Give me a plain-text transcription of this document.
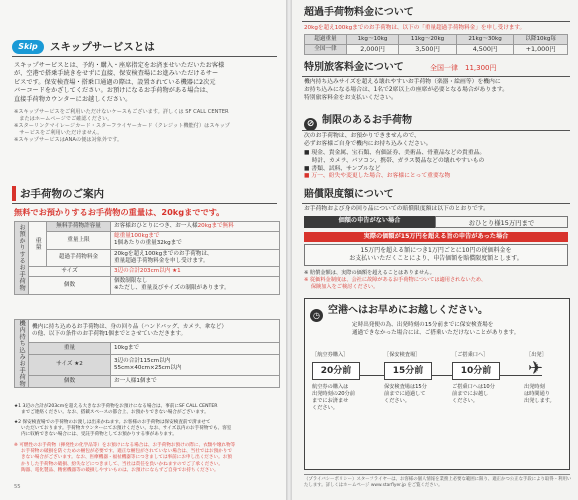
Skip	スキップサービスとは
スキップサービスとは、予約・購入・座席指定をお済ませいただいたお客様
が、空港で搭乗手続きをせずに直接、保安検査場にお進みいただけるサー
ビスです。保安検査場・搭乗口通過の際は、設置されている機器に2次元
バーコードをかざしてください。お預けになるお手荷物がある場合は、
直接手荷物カウンターにお越しください。
※スキップサービスをご利用いただけないケースもございます。詳しくは SF CALL CENTER
　またはホームページでご確認ください。
※スターリンクマイレージカード・スターフライヤーカード（クレジット機能付）はスキップ
　サービスをご利用いただけません。
※スキップサービスはANAの便は対象外です。
お手荷物のご案内
無料でお預かりするお手荷物の重量は、20kgまでです。
お預かりするお手荷物	重量	無料手荷物許容量	お客様おひとりにつき、お一人様20kgまで無料
		重量上限	総重量100kgまで
1個あたりの重量32kgまで
		超過手荷物料金	20kgを超え100kgまでのお手荷物は、
重量超過手荷物料金を申し受けます。
	サイズ		3辺の合計203cm以内 ★1
	個数		個数制限なし
※ただし、重量及びサイズの制限があります。
機内持ち込みお手荷物	機内に持ち込めるお手荷物は、身の回り品（ハンドバッグ、カメラ、傘など）
の他、以下の条件のお手荷物1個までとさせていただきます。	

	重量	10kgまで
	サイズ ★2	3辺の合計115cm以内
55cm×40cm×25cm以内
	個数	お一人様1個まで
★1 3辺の合計が203cmを超える大きなお手荷物をお預けになる場合は、事前にSF CALL CENTER
までご連絡ください。なお、搭載スペースの都合上、お預かりできない場合がございます。
★2 保安検査場での手荷物のお渡しは出来かねます。お客様のお手荷物は保安検査前で済ませて
いただいております。手荷物カウンターにてお預けください。なお、サイズ以内のお手荷物でも、客室
内に収納できない場合には、受託手荷物としてお預かりする事があります。
※ 可燃性のお手荷物（揮発性の化学品等）をお預けになる場合は、お手荷物お預けの際に、衣類や壊れ物等
お手荷物の破損を防ぐための梱包が必要です。適正な梱包がされていない場合は、当社ではお預かりで
きない場合がございます。なお、医療機器・福祉機器等につきましては事前にお申し出ください。お預
かりした手荷物の破損、紛失などにつきまして、当社は責任を負いかねますのでご了承ください。
陶器、電化製品、精密機器等の破損しやすいものは、お預けにならずご自身でお持ちください。
55
超過手荷物料金について
20kgを超え100kgまでのお手荷物は、以下の「重量超過手荷物料金」を申し受けます。
超過重量	1kg〜10kg	11kg〜20kg	21kg〜30kg	以降10kg毎
全国一律	2,000円	3,500円	4,500円	+1,000円
特別旅客料金について	全国一律　11,300円
機内持ち込みサイズを超える壊れやすいお手荷物（楽器・絵画等）を機内に
お持ち込みになる場合は、1名で2席以上の座席が必要となる場合があります。
特別旅客料金をお支払いください。
⊘ 制限のあるお手荷物
次のお手荷物は、お預かりできませんので、
必ずお客様ご自身で機内にお持ち込みください。
■ 現金、貴金属、宝石類、有価証券、美術品、骨董品などの貴重品。
　 時計、カメラ、パソコン、携帯、ガラス製品などの壊れやすいもの
■ 書類、試料、サンプルなど
■ 万一、紛失や変更した場合、お客様にとって重要な物
賠償限度額について
お手荷物および身の回り品についての賠償限度額は以下のとおりです。
価額の申告がない場合	おひとり様15万円まで
実際の価額が15万円を超える旨の申告があった場合
15万円を超える額につき1万円ごとに10円の従価料金を
お支払いいただくことにより、申告価額を賠償限度額とします。
※ 賠償金額は、実際の価額を超えることはありません。
※ 従価料金制度は、会社に故障があるお手荷物については適用されないため、
　 保険加入をご検討ください。
◷ 空港へはお早めにお越しください。
定時出発便の為、出発時刻の15分前までに保安検査場を
通過できなかった場合には、ご搭乗いただけないことがあります。
［航空券購入］	［保安検査場］	［ご搭乗口へ］	［出発］
20分前	15分前	10分前	✈
航空券の購入は
出発時刻の20分前
までにお済ませ
ください。
保安検査場は15分
前までに通過して
ください。
ご搭乗口へは10分
前までにお越し
ください。
出発時刻
は時間通り
出発します。
（プライバシーポリシー）スターフライヤーは、お客様の個人情報を業務上必要な範囲に限り、適正かつ公正な手段により取得・利用いたします。詳しくはホームページ www.starflyer.jp をご覧ください。
